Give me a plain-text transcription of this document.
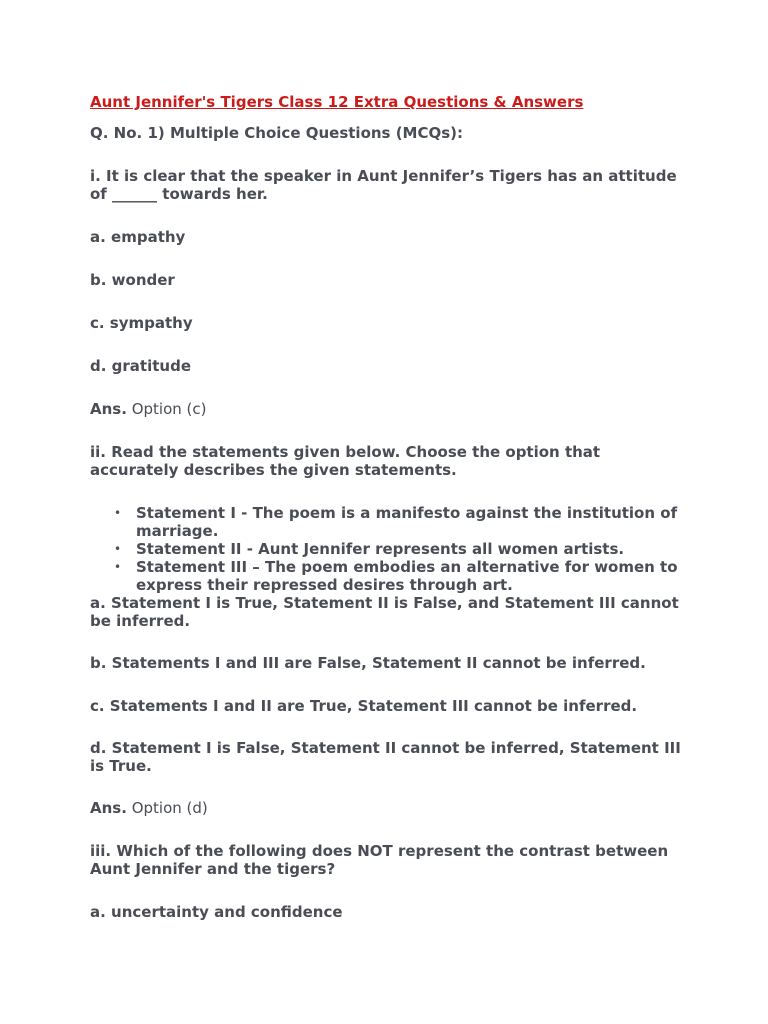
Aunt Jennifer's Tigers Class 12 Extra Questions & Answers

Q. No. 1) Multiple Choice Questions (MCQs):

i. It is clear that the speaker in Aunt Jennifer’s Tigers has an attitude of ______ towards her.

a. empathy

b. wonder

c. sympathy

d. gratitude

Ans. Option (c)

ii. Read the statements given below. Choose the option that accurately describes the given statements.

• Statement I - The poem is a manifesto against the institution of marriage.
• Statement II - Aunt Jennifer represents all women artists.
• Statement III – The poem embodies an alternative for women to express their repressed desires through art.

a. Statement I is True, Statement II is False, and Statement III cannot be inferred.

b. Statements I and III are False, Statement II cannot be inferred.

c. Statements I and II are True, Statement III cannot be inferred.

d. Statement I is False, Statement II cannot be inferred, Statement III is True.

Ans. Option (d)

iii. Which of the following does NOT represent the contrast between Aunt Jennifer and the tigers?

a. uncertainty and confidence
